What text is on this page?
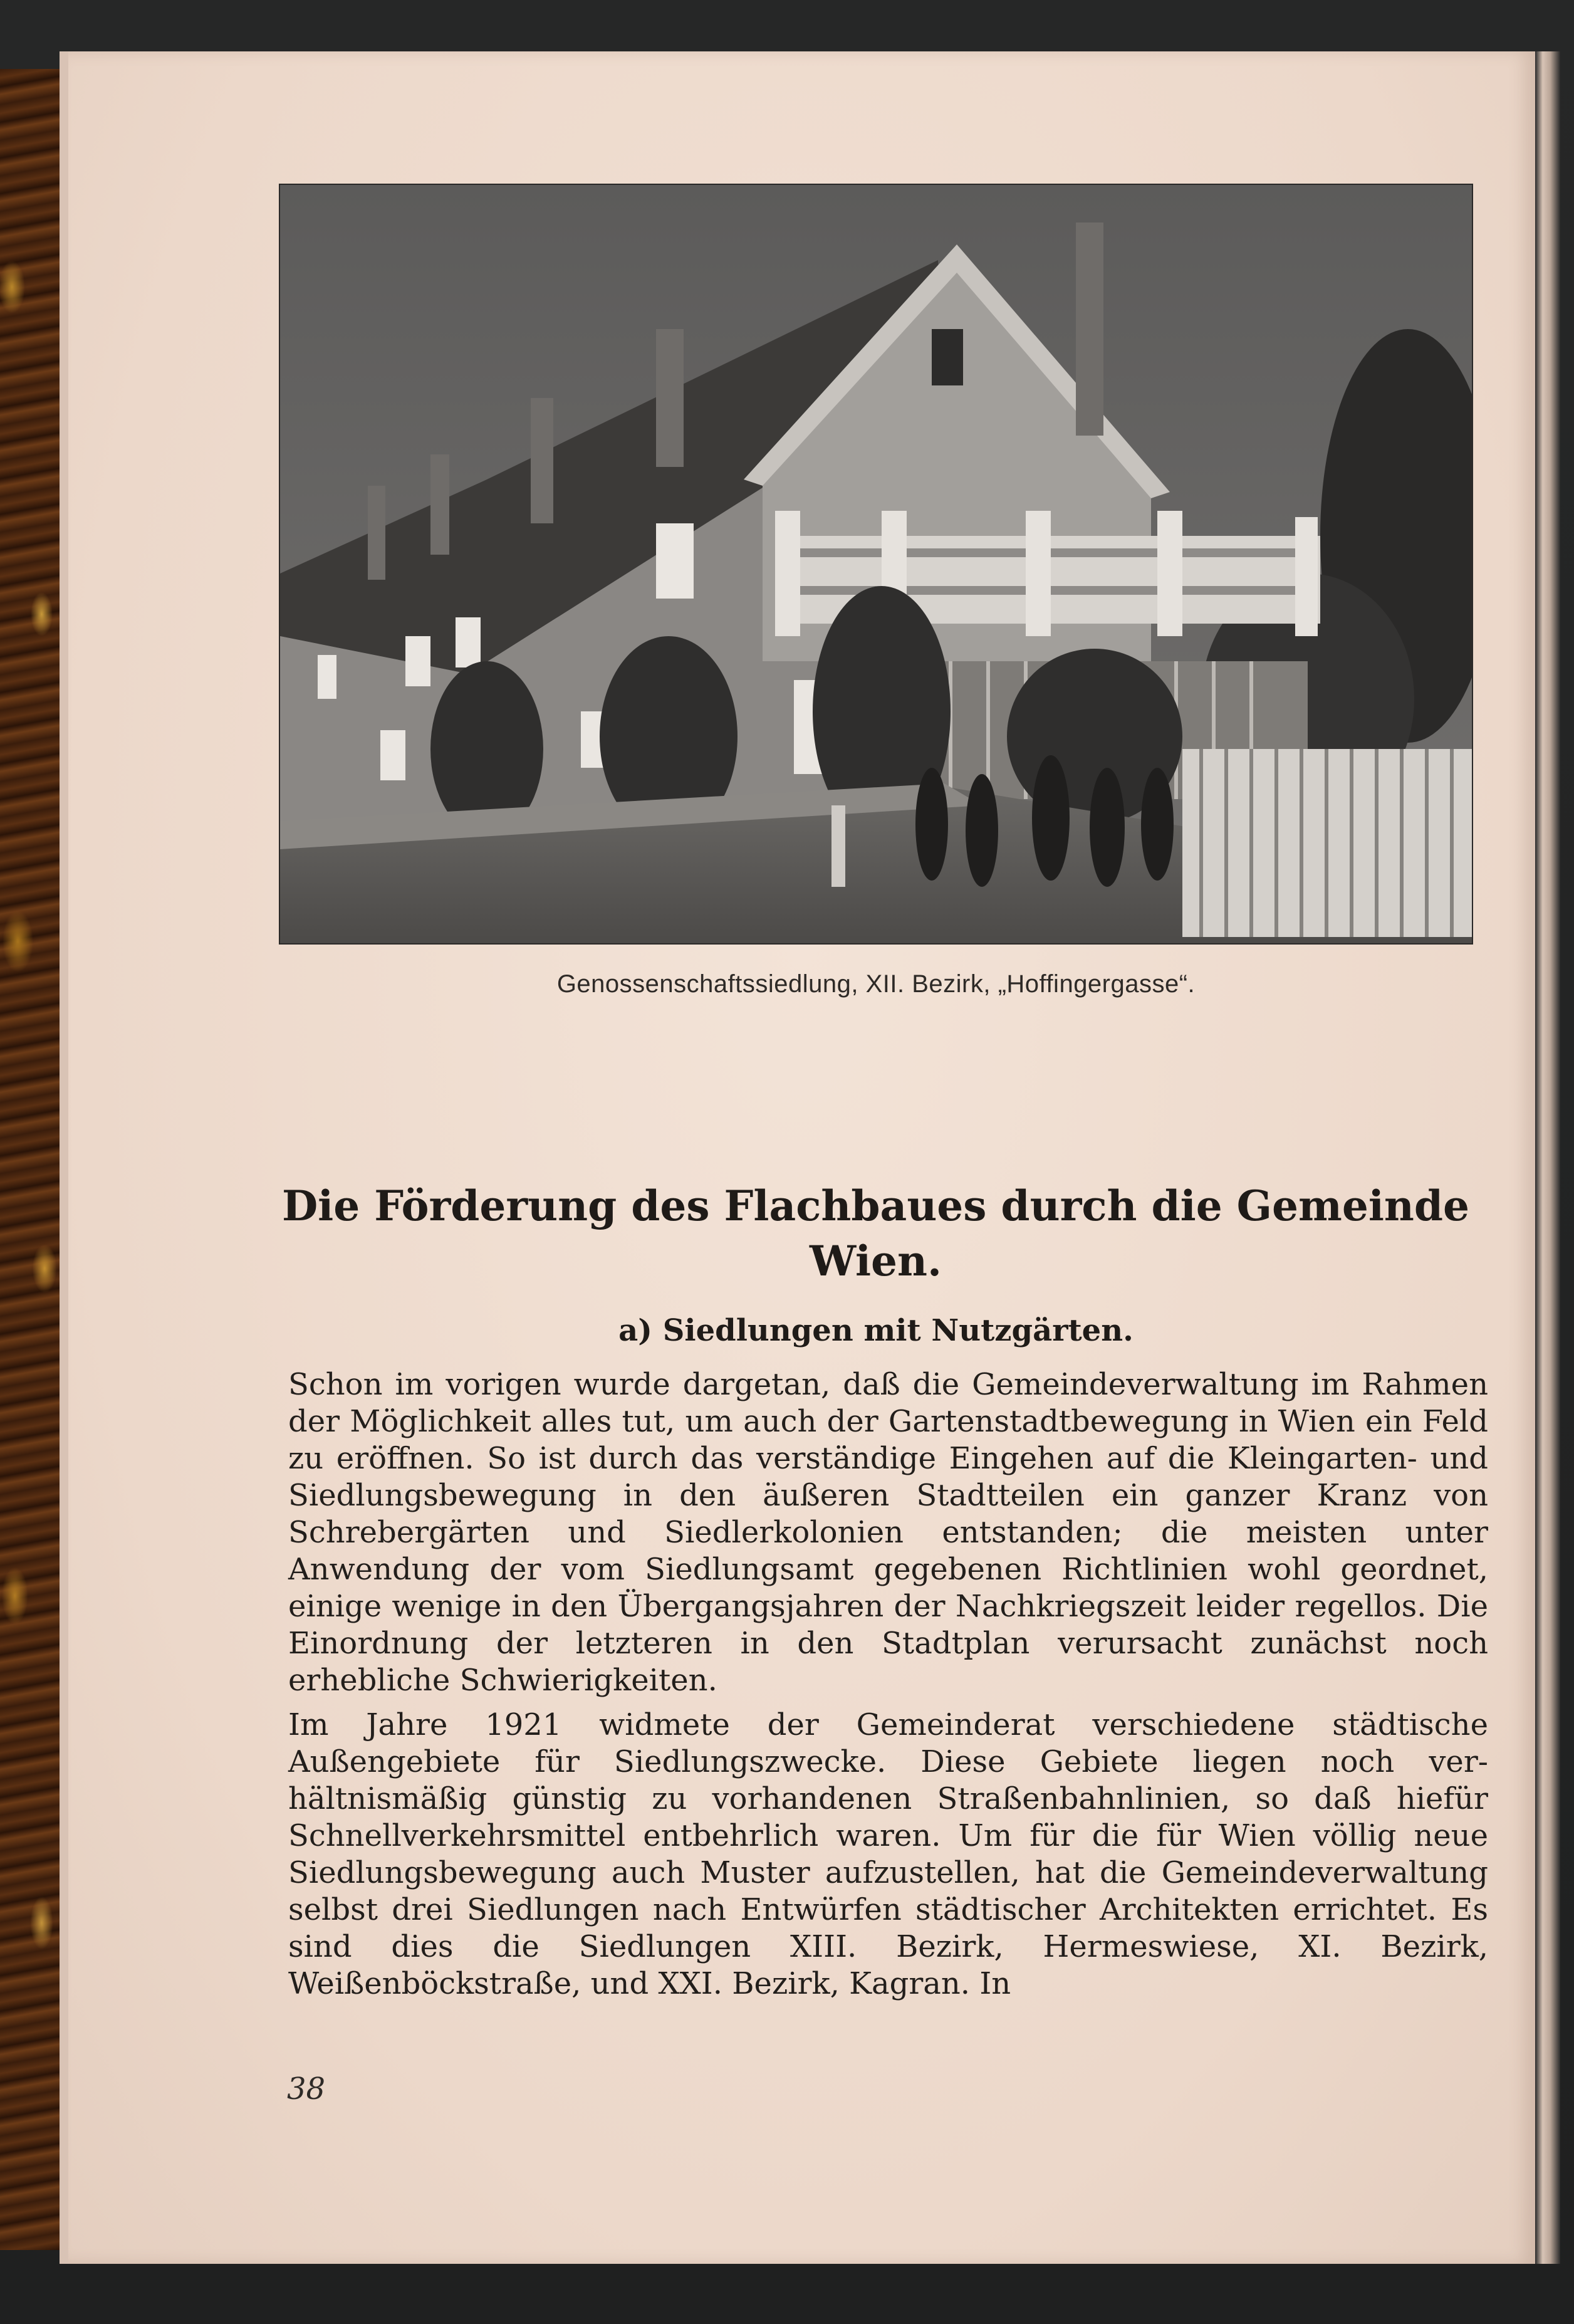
Genossenschaftssiedlung, XII. Bezirk, „Hoffingergasse“.
Die Förderung des Flachbaues durch die Gemeinde
Wien.
a) Siedlungen mit Nutzgärten.

Schon im vorigen wurde dargetan, daß die Gemeindeverwaltung im Rahmen der Möglichkeit alles tut, um auch der Gartenstadtbewegung in Wien ein Feld zu eröffnen. So ist durch das verständige Eingehen auf die Kleingarten- und Siedlungsbewegung in den äußeren Stadtteilen ein ganzer Kranz von Schrebergärten und Siedlerkolonien entstanden; die meisten unter Anwendung der vom Siedlungsamt gegebenen Richtlinien wohl geordnet, einige wenige in den Übergangsjahren der Nachkriegszeit leider regellos. Die Einordnung der letzteren in den Stadtplan verursacht zunächst noch erhebliche Schwierigkeiten.

Im Jahre 1921 widmete der Gemeinderat verschiedene städtische Außengebiete für Siedlungszwecke. Diese Gebiete liegen noch verhältnismäßig günstig zu vorhandenen Straßenbahnlinien, so daß hiefür Schnellverkehrsmittel entbehrlich waren. Um für die für Wien völlig neue Siedlungsbewegung auch Muster aufzustellen, hat die Gemeindeverwaltung selbst drei Siedlungen nach Entwürfen städtischer Architekten errichtet. Es sind dies die Siedlungen XIII. Bezirk, Hermeswiese, XI. Bezirk, Weißenböckstraße, und XXI. Bezirk, Kagran. In

38
